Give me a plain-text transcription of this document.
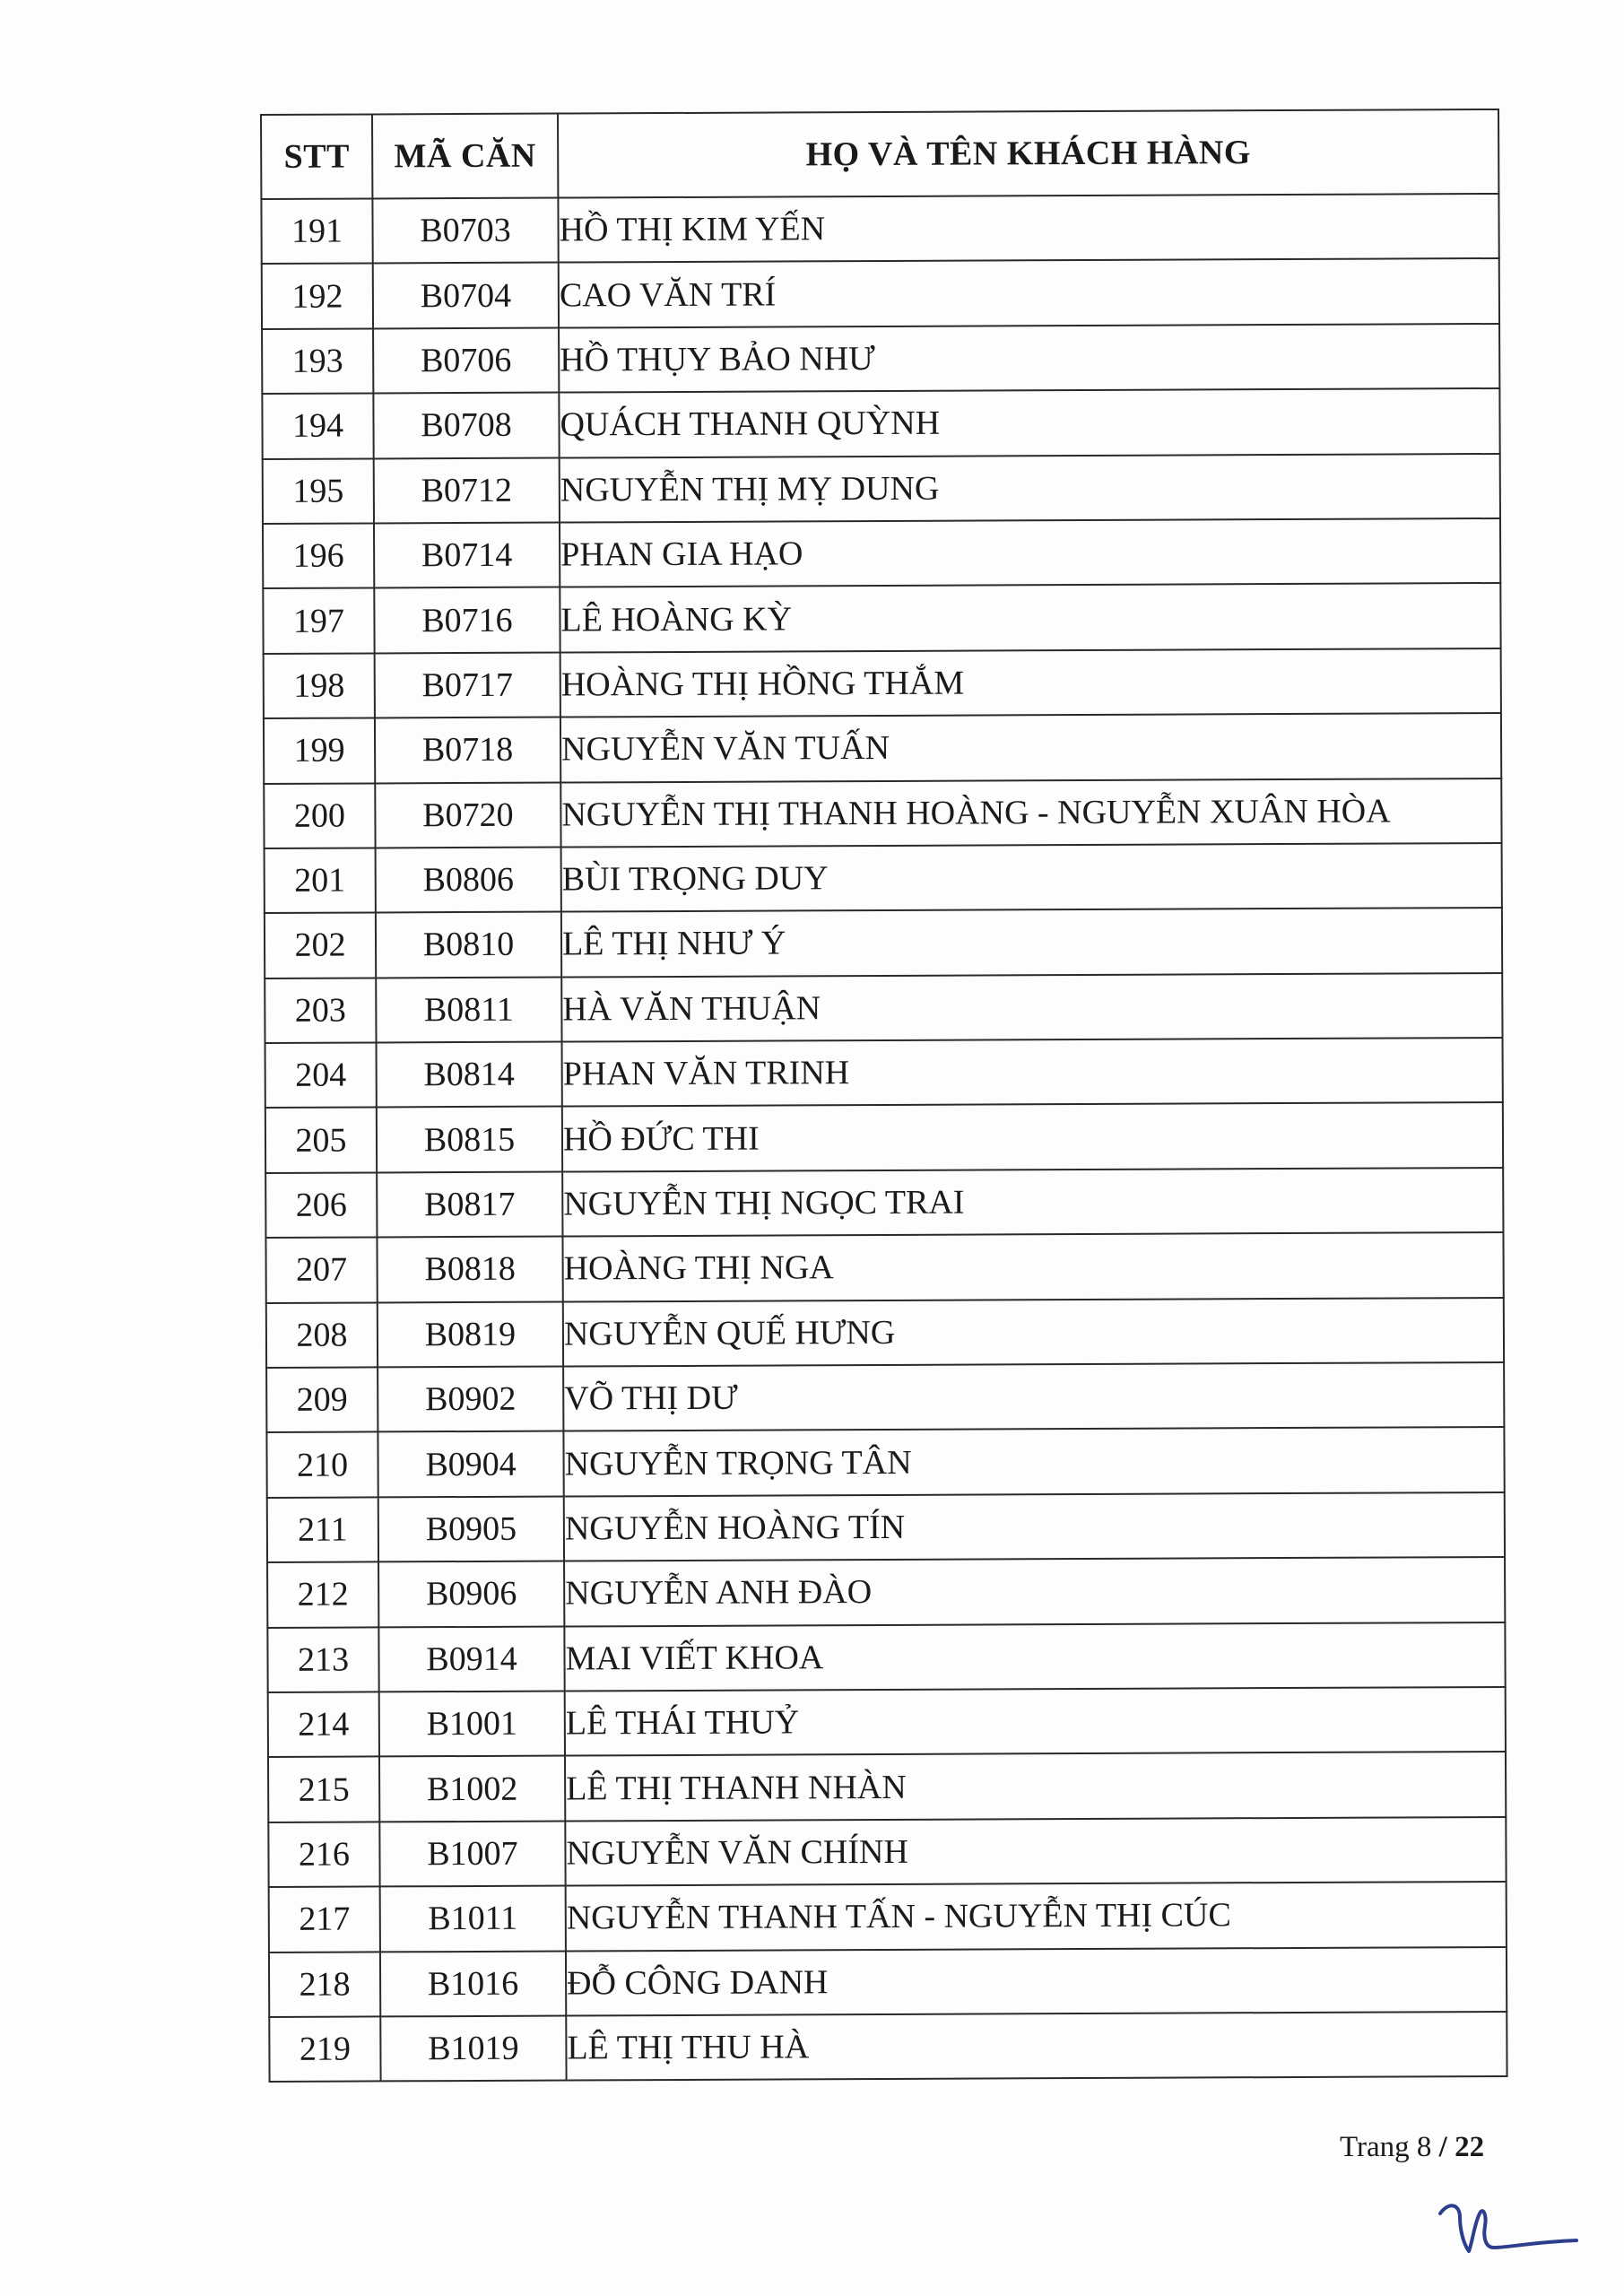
STT	MÃ CĂN	HỌ VÀ TÊN KHÁCH HÀNG
191	B0703	HỒ THỊ KIM YẾN
192	B0704	CAO VĂN TRÍ
193	B0706	HỒ THỤY BẢO NHƯ
194	B0708	QUÁCH THANH QUỲNH
195	B0712	NGUYỄN THỊ MỴ DUNG
196	B0714	PHAN GIA HẠO
197	B0716	LÊ HOÀNG KỲ
198	B0717	HOÀNG THỊ HỒNG THẮM
199	B0718	NGUYỄN VĂN TUẤN
200	B0720	NGUYỄN THỊ THANH HOÀNG - NGUYỄN XUÂN HÒA
201	B0806	BÙI TRỌNG DUY
202	B0810	LÊ THỊ NHƯ Ý
203	B0811	HÀ VĂN THUẬN
204	B0814	PHAN VĂN TRINH
205	B0815	HỒ ĐỨC THI
206	B0817	NGUYỄN THỊ NGỌC TRAI
207	B0818	HOÀNG THỊ NGA
208	B0819	NGUYỄN QUẾ HƯNG
209	B0902	VÕ THỊ DƯ
210	B0904	NGUYỄN TRỌNG TÂN
211	B0905	NGUYỄN HOÀNG TÍN
212	B0906	NGUYỄN ANH ĐÀO
213	B0914	MAI VIẾT KHOA
214	B1001	LÊ THÁI THUỶ
215	B1002	LÊ THỊ THANH NHÀN
216	B1007	NGUYỄN VĂN CHÍNH
217	B1011	NGUYỄN THANH TẤN - NGUYỄN THỊ CÚC
218	B1016	ĐỖ CÔNG DANH
219	B1019	LÊ THỊ THU HÀ
Trang 8 / 22
